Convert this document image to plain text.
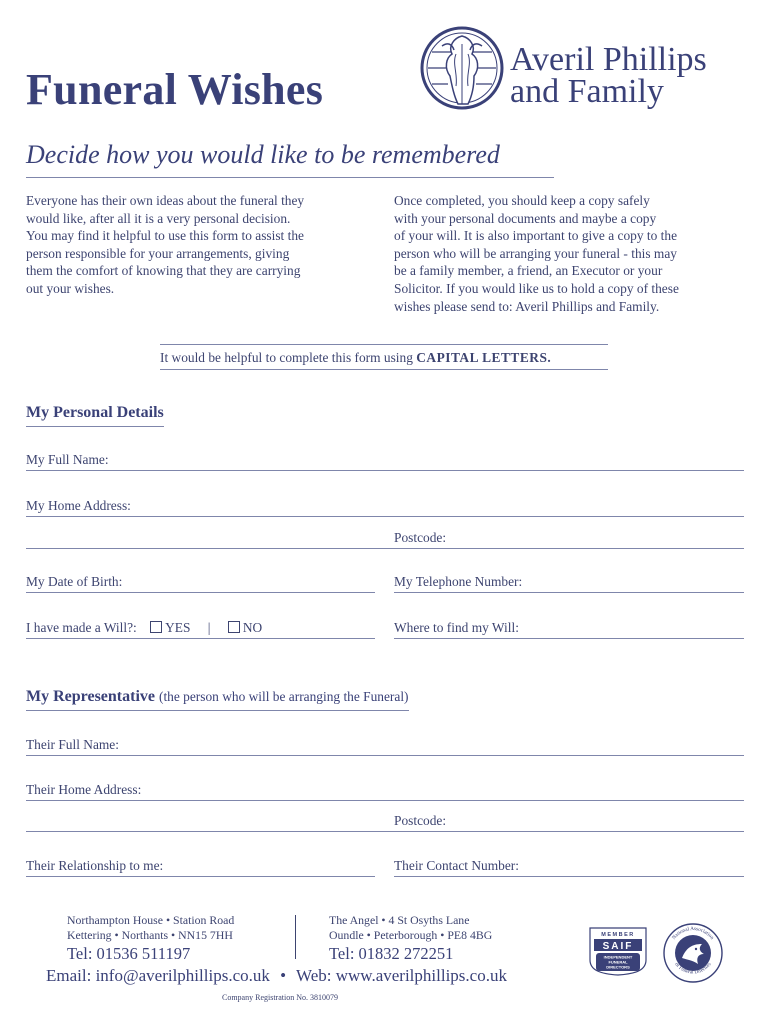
Funeral Wishes
Averil Phillips
and Family
Decide how you would like to be remembered
Everyone has their own ideas about the funeral they
would like, after all it is a very personal decision.
You may find it helpful to use this form to assist the
person responsible for your arrangements, giving
them the comfort of knowing that they are carrying
out your wishes.
Once completed, you should keep a copy safely
with your personal documents and maybe a copy
of your will. It is also important to give a copy to the
person who will be arranging your funeral - this may
be a family member, a friend, an Executor or your
Solicitor. If you would like us to hold a copy of these
wishes please send to: Averil Phillips and Family.
It would be helpful to complete this form using CAPITAL LETTERS.
My Personal Details
My Full Name:
My Home Address:
Postcode:
My Date of Birth:	My Telephone Number:
I have made a Will?: YES | NO	Where to find my Will:
My Representative (the person who will be arranging the Funeral)
Their Full Name:
Their Home Address:
Postcode:
Their Relationship to me:	Their Contact Number:
Northampton House • Station Road
Kettering • Northants • NN15 7HH
Tel: 01536 511197
The Angel • 4 St Osyths Lane
Oundle • Peterborough • PE8 4BG
Tel: 01832 272251
Email: info@averilphillips.co.uk • Web: www.averilphillips.co.uk
Company Registration No. 3810079
MEMBER
SAIF
INDEPENDENT
FUNERAL
DIRECTORS
National Association
of Funeral Directors
